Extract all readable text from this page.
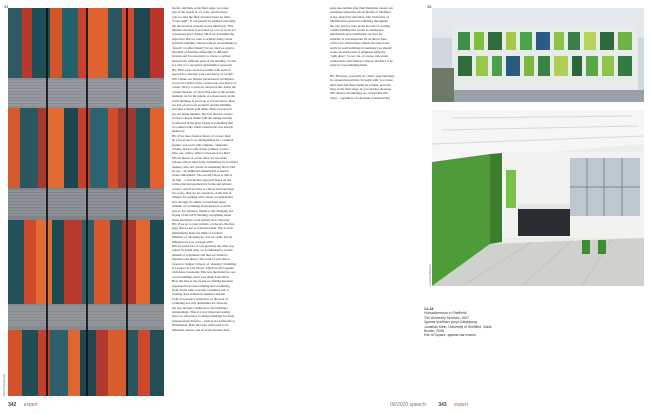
44
Kevin Mcinerney
model, and then, at the final stage, we create
part of the façade in 1:1 scale. And in every
case we take the final decision based on what
“looks right”. It can usually be justified rationally,
but the decision actually occurs intuitively. This
intuitive decision is preceded by a lot of work at a
conceptual level, during which we determine the
objectives that we want to achieve using colour
(with the building contrast with its surroundings or
‘absorb’ or reflect them?) So we tried we resolve
that kind of dilemma differently to different
facades and it is necessary to create a contrast
between the different parts of the building. So this
is a mix of a conceptual and intuitive approach.
BS: Thus each colour is possible with such an
approach to develop your own theory of colour?
MS: Unlike our famous predecessors in Holland,
we do not claim to have created our own theory of
colour. We try to look for ourselves into forms the
various theories of colour that exist at the present
moment. As for the palette of colours used on the
GSW building, if you look at it from above, there
are lots of red roofs around it and the building
provides a match with them. These red-several
are our initial impulse. The fact that the colours
we have chosen chime with the setting sun that
is reflected in the glass façade is something that
we realised only when construction was already
underway.
BS: If we take classical theory of colour, then
all your projects are distinguished by a common
feature: you work with complex, composite
colours and not with classic primary colours –
blue, red, yellow. What is the reason for that?
MS: In theory of colour there are two main
schools. One is most fully exemplified by Gottfried
Semper, who saw colour as something that is laid
on top – an additional element that is used to
create atmosphere. The second school is that of
de Stijl – a structuralist approach based on use
of the principal geometrical forms and primary
colours. And if we have to choose between these
two poles, then we are ourselves on the side of
Semper. In working with colour, we understand
how strongly its ability to transform space,
whether we’re talking about interiors or urban
spaces. For instance, thanks to the changing red
façade of the GSW building, everything round
about fascinates on an entirely new character.
BS: If we go to your website, on the tex, the first
page that we see is coloured bands. This is even
immediately made me think of Gerhard
Matthew of ‘Sleeping up’. Do we really had an
influence on you, to begin with?
MS: In actual fact, it was probably the other way
round. To begin with, we accumulated a certain
amount of experience and then we turned to
literature and theory. The work of ours that is
closest to Semper’s theory of ‘dressing’ a building
is a project at City Drops, which we did together
with Anna Ceaelsenn. This was the model for one
of our buildings and it was made from fabric.
Here the idea of the façade as clothing has been
expressed in its most striking and convincing
form. In the same way that a business suit or
evening dress influences manners and the
form of a person’s behaviour, so the look of
a building not only determines its character,
but also dictates conditions to the building’s
surroundings. That is a very important quality
since we often have to design buildings for fairly
jadeous urban districts – such as in Greifswald or
Oberhausen. Both the latter cities used to be
industrial centres, and in recent decades have
342 expert
45
gone into decline after their industries closed. An
extremely important role in the life of Sheffield
is also played by education. The University of
Sheffield has opened its buildings throughout
the city, and we were given the task of creating
a multi-building that would accommodate
information and consultation services for
students. It was important for us that in spite
of the very small budget (much less than is the
norm for such buildings in Germany) we should
create an urban point of emphasis using the
‘right dress’. So we can, of course, talk about
connections with Semper’s theory, but there is no
point in overestimating them.
BS: However, you really do ‘dress’ your buildings
in coloured mosaicism. To begin with, you create
their form and mass taking its volume, and only
later, at the final stage, do you add the envelope.
MS: Almost all buildings are created like this
today – regardless of what kind of material has
Lorenzo Bianchi
14–16
Hörsaalzentrum in Sheffield/
The University Services, 2007
Здание учебных услуг, Шеффилд
Jonathan Klein, University of Sheffield, Glass
Bowen, 2008
Kite of Square, здание как платье
06/2010 speech: 343 expert
